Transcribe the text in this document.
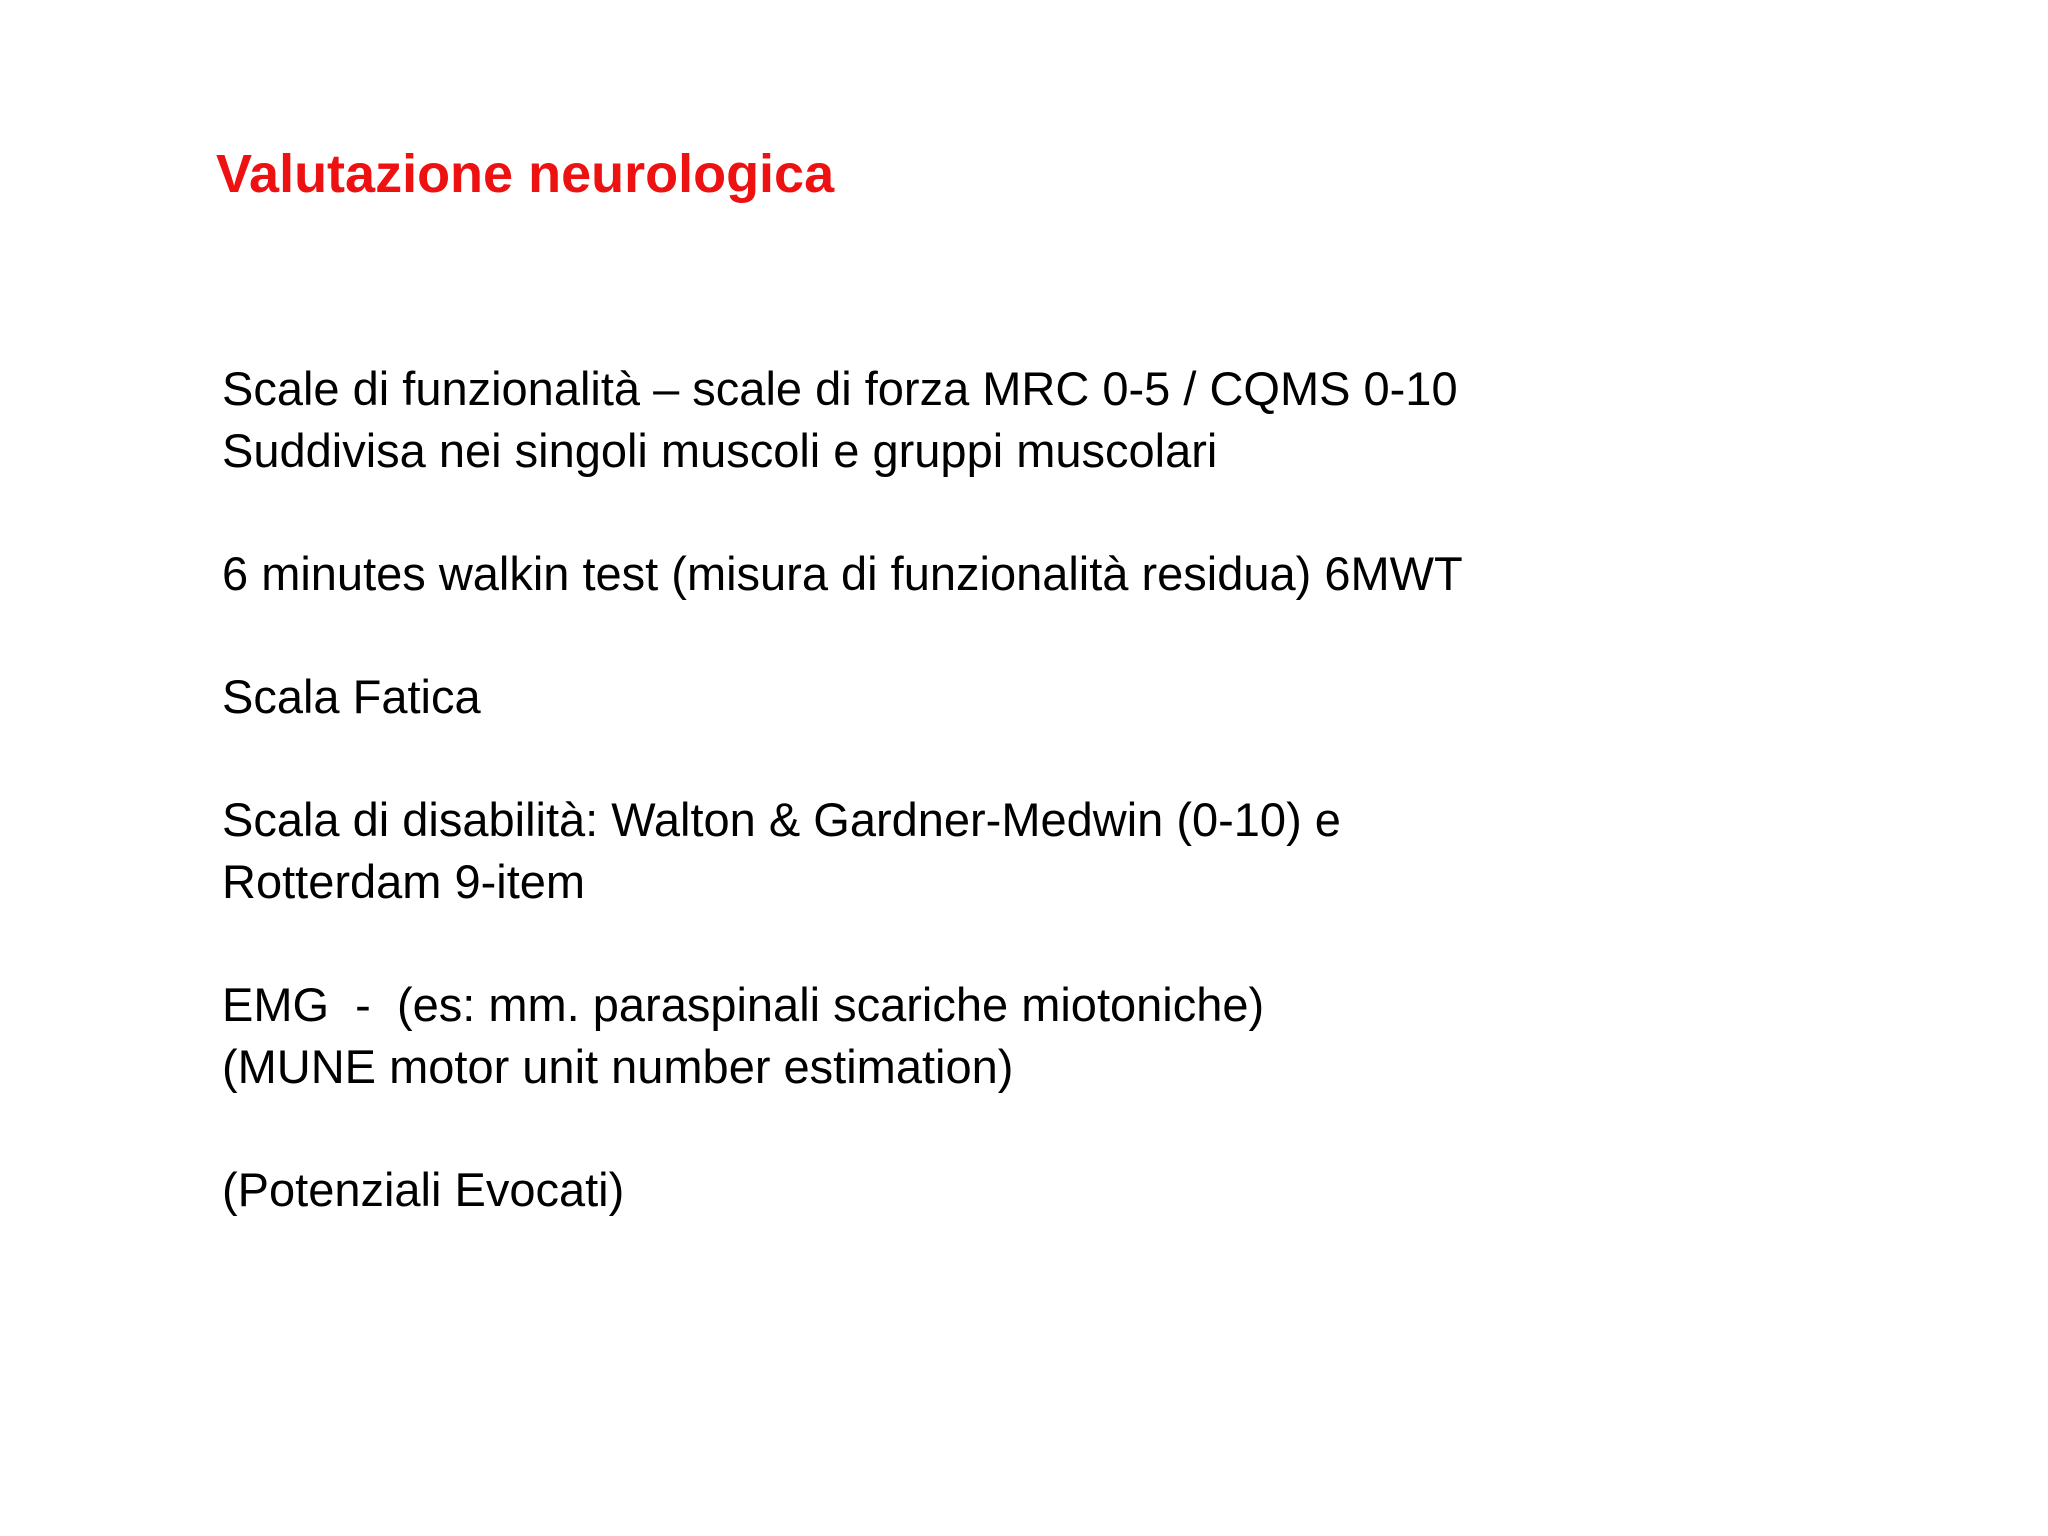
Valutazione neurologica
Scale di funzionalità – scale di forza MRC 0-5 / CQMS 0-10
Suddivisa nei singoli muscoli e gruppi muscolari
6 minutes walkin test (misura di funzionalità residua) 6MWT
Scala Fatica
Scala di disabilità: Walton & Gardner-Medwin (0-10) e
Rotterdam 9-item
EMG  -  (es: mm. paraspinali scariche miotoniche)
(MUNE motor unit number estimation)
(Potenziali Evocati)
